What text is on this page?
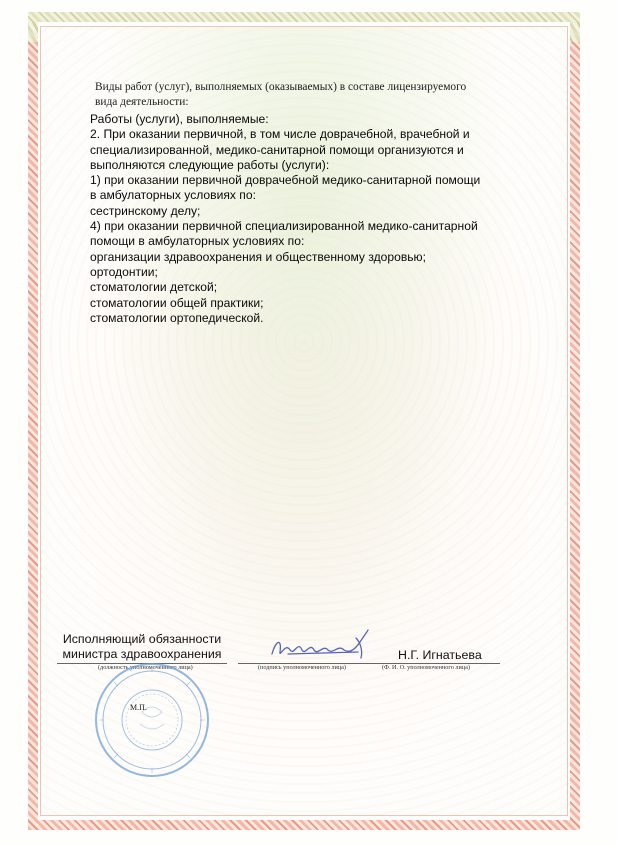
Виды работ (услуг), выполняемых (оказываемых) в составе лицензируемого
вида деятельности:
Работы (услуги), выполняемые:
2. При оказании первичной, в том числе доврачебной, врачебной и
специализированной, медико-санитарной помощи организуются и
выполняются следующие работы (услуги):
1) при оказании первичной доврачебной медико-санитарной помощи
в амбулаторных условиях по:
сестринскому делу;
4) при оказании первичной специализированной медико-санитарной
помощи в амбулаторных условиях по:
организации здравоохранения и общественному здоровью;
ортодонтии;
стоматологии детской;
стоматологии общей практики;
стоматологии ортопедической.
Исполняющий обязанности
министра здравоохранения
(должность уполномоченного лица)	(подпись уполномоченного лица)
Н.Г. Игнатьева
(Ф. И. О. уполномоченного лица)
М.П.
